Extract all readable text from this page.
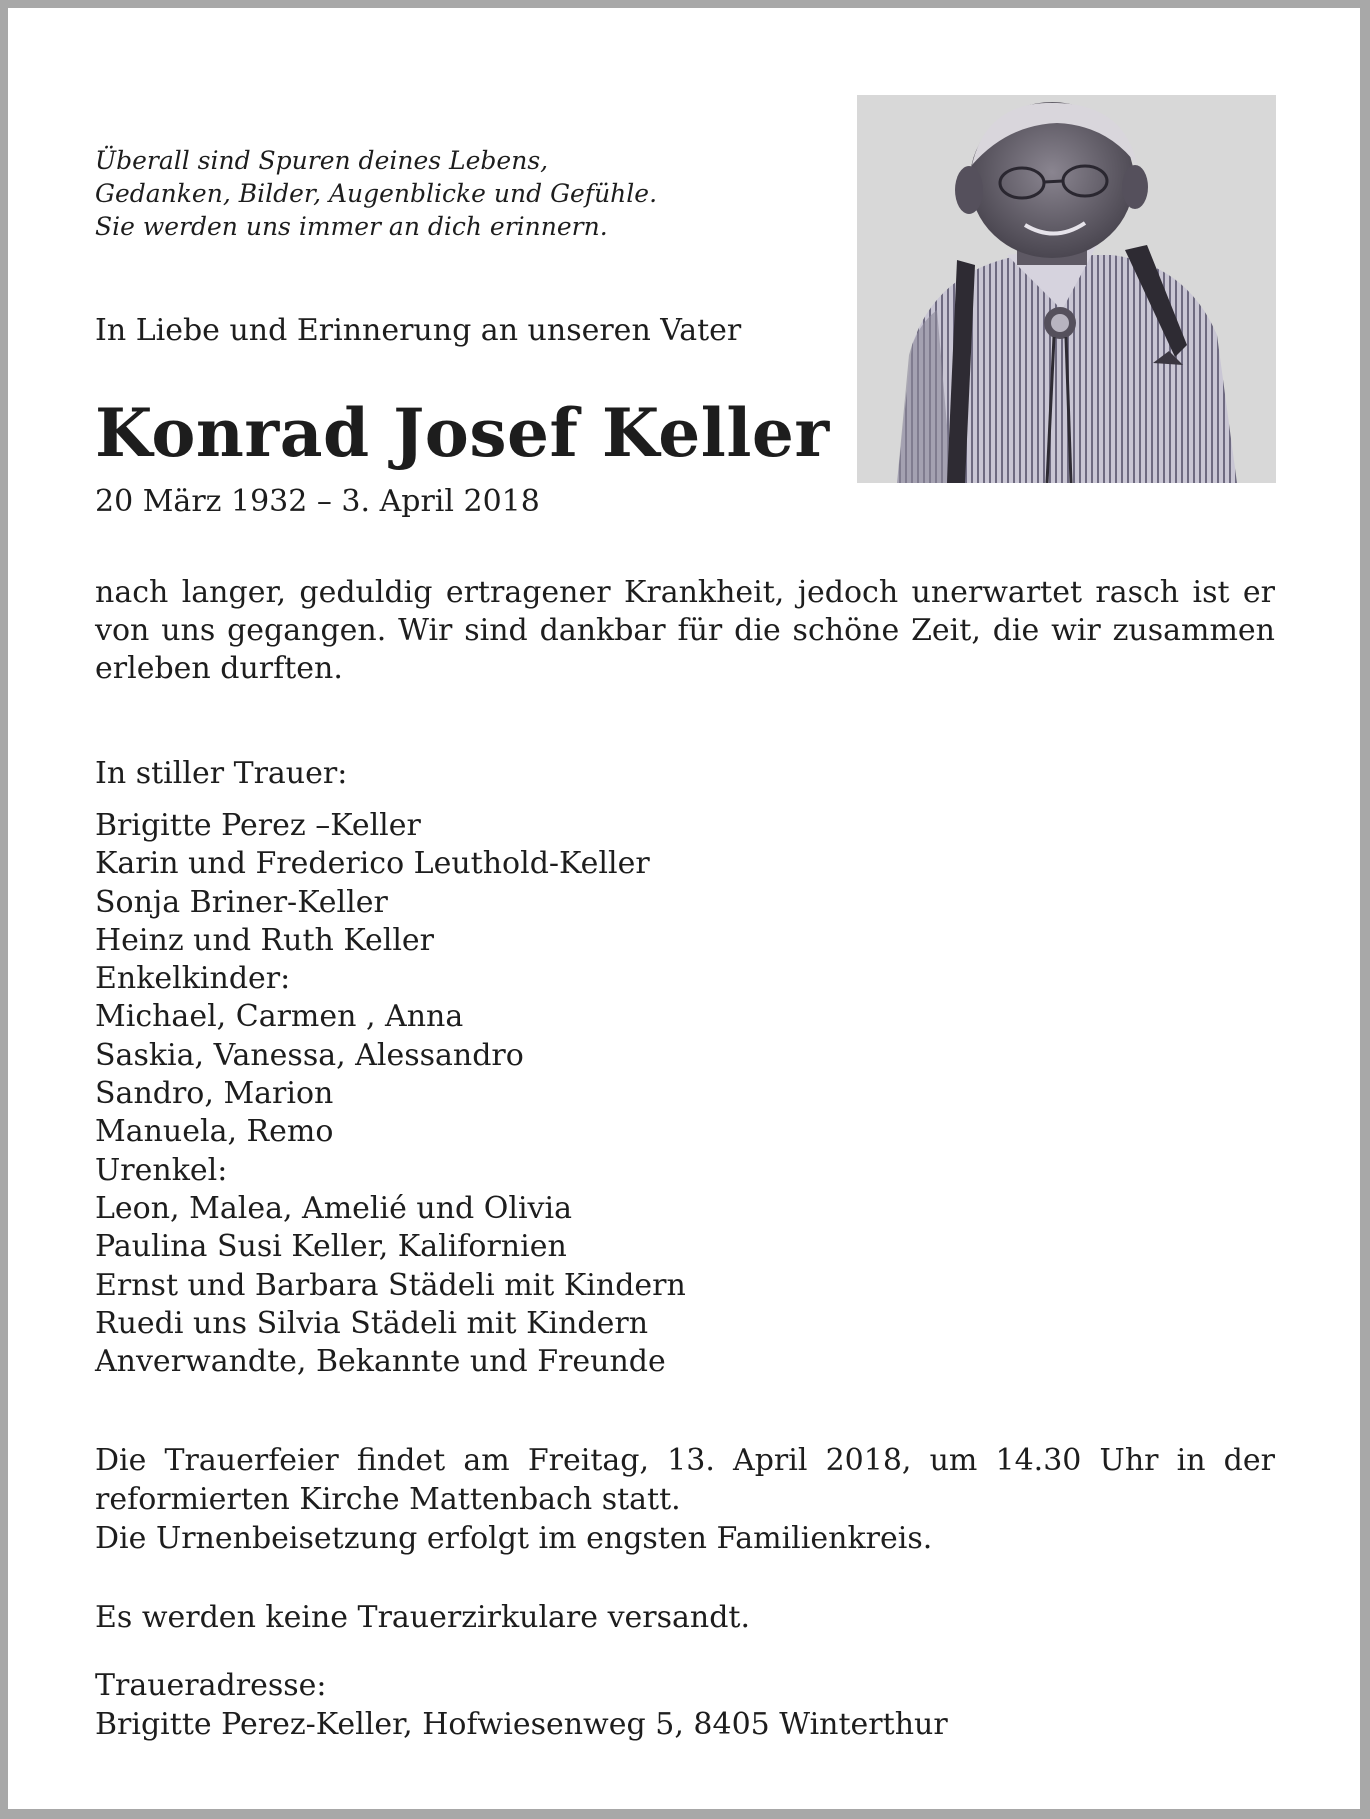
Überall sind Spuren deines Lebens,
Gedanken, Bilder, Augenblicke und Gefühle.
Sie werden uns immer an dich erinnern.
In Liebe und Erinnerung an unseren Vater
Konrad Josef Keller
20 März 1932 – 3. April 2018
nach langer, geduldig ertragener Krankheit, jedoch unerwartet rasch ist er von uns gegangen. Wir sind dankbar für die schöne Zeit, die wir zusammen erleben durften.
In stiller Trauer:
Brigitte Perez –Keller
Karin und Frederico Leuthold-Keller
Sonja Briner-Keller
Heinz und Ruth Keller
Enkelkinder:
Michael, Carmen , Anna
Saskia, Vanessa, Alessandro
Sandro, Marion
Manuela, Remo
Urenkel:
Leon, Malea, Amelié und Olivia
Paulina Susi Keller, Kalifornien
Ernst und Barbara Städeli mit Kindern
Ruedi uns Silvia Städeli mit Kindern
Anverwandte, Bekannte und Freunde
Die Trauerfeier findet am Freitag, 13. April 2018, um 14.30 Uhr in der
reformierten Kirche Mattenbach statt.
Die Urnenbeisetzung erfolgt im engsten Familienkreis.
Es werden keine Trauerzirkulare versandt.
Traueradresse:
Brigitte Perez-Keller, Hofwiesenweg 5, 8405 Winterthur
